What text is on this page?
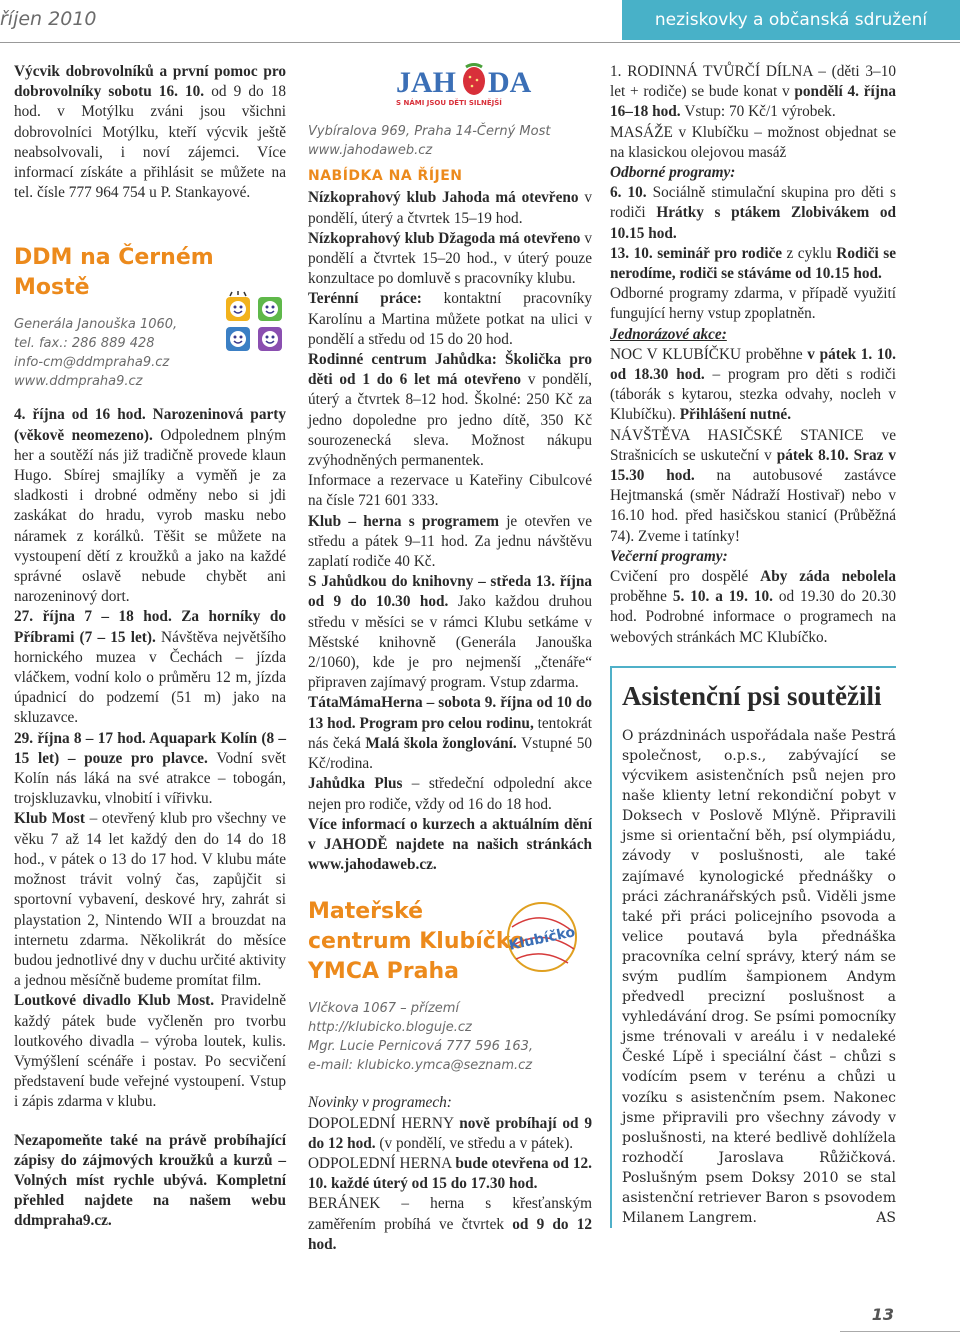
říjen 2010	neziskovky a občanská sdružení

Výcvik dobrovolníků a první pomoc pro dobrovolníky sobotu 16. 10. od 9 do 18 hod. v Motýlku zváni jsou všichni dobrovolníci Motýlku, kteří výcvik ještě neabsolvovali, i noví zájemci. Více informací získáte a přihlásit se můžete na tel. čísle 777 964 754 u P. Stankayové.

DDM na Černém Mostě
Generála Janouška 1060,
tel. fax.: 286 889 428
info-cm@ddmpraha9.cz
www.ddmpraha9.cz

4. října od 16 hod. Narozeninová party (věkově neomezeno). Odpolednem plným her a soutěží nás již tradičně provede klaun Hugo. Sbírej smajlíky a vyměň je za sladkosti i drobné odměny nebo si jdi zaskákat do hradu, vyrob masku nebo náramek z korálků. Těšit se můžete na vystoupení dětí z kroužků a jako na každé správné oslavě nebude chybět ani narozeninový dort.

27. října 7 – 18 hod. Za horníky do Příbrami (7 – 15 let). Návštěva největšího hornického muzea v Čechách – jízda vláčkem, vodní kolo o průměru 12 m, jízda úpadnicí do podzemí (51 m) jako na skluzavce.

29. října 8 – 17 hod. Aquapark Kolín (8 – 15 let) – pouze pro plavce. Vodní svět Kolín nás láká na své atrakce – tobogán, trojskluzavku, vlnobití i vířivku.

Klub Most – otevřený klub pro všechny ve věku 7 až 14 let každý den do 14 do 18 hod., v pátek o 13 do 17 hod. V klubu máte možnost trávit volný čas, zapůjčit si sportovní vybavení, deskové hry, zahrát si playstation 2, Nintendo WII a brouzdat na internetu zdarma. Několikrát do měsíce budou jednotlivé dny v duchu určité aktivity a jednou měsíčně budeme promítat film.

Loutkové divadlo Klub Most. Pravidelně každý pátek bude vyčleněn pro tvorbu loutkového divadla – výroba loutek, kulis. Vymýšlení scénáře i postav. Po secvičení představení bude veřejné vystoupení. Vstup i zápis zdarma v klubu.

Nezapomeňte také na právě probíhající zápisy do zájmových kroužků a kurzů – Volných míst rychle ubývá. Kompletní přehled najdete na našem webu ddmpraha9.cz.

JAH DA
S NÁMI JSOU DĚTI SILNĚJŠÍ
Vybíralova 969, Praha 14-Černý Most
www.jahodaweb.cz
NABÍDKA NA ŘÍJEN

Nízkoprahový klub Jahoda má otevřeno v pondělí, úterý a čtvrtek 15–19 hod.

Nízkoprahový klub Džagoda má otevřeno v pondělí a čtvrtek 15–20 hod., v úterý pouze konzultace po domluvě s pracovníky klubu.

Terénní práce: kontaktní pracovníky Karolínu a Martina můžete potkat na ulici v pondělí a středu od 15 do 20 hod.

Rodinné centrum Jahůdka: Školička pro děti od 1 do 6 let má otevřeno v pondělí, úterý a čtvrtek 8–12 hod. Školné: 250 Kč za jedno dopoledne pro jedno dítě, 350 Kč sourozenecká sleva. Možnost nákupu zvýhodněných permanentek.

Informace a rezervace u Kateřiny Cibulcové na čísle 721 601 333.

Klub – herna s programem je otevřen ve středu a pátek 9–11 hod. Za jednu návštěvu zaplatí rodiče 40 Kč.

S Jahůdkou do knihovny – středa 13. října od 9 do 10.30 hod. Jako každou druhou středu v měsíci se v rámci Klubu setkáme v Městské knihovně (Generála Janouška 2/1060), kde je pro nejmenší „čtenáře“ připraven zajímavý program. Vstup zdarma.

TátaMámaHerna – sobota 9. října od 10 do 13 hod. Program pro celou rodinu, tentokrát nás čeká Malá škola žonglování. Vstupné 50 Kč/rodina.

Jahůdka Plus – středeční odpolední akce nejen pro rodiče, vždy od 16 do 18 hod.

Více informací o kurzech a aktuálním dění v JAHODĚ najdete na našich stránkách www.jahodaweb.cz.

Mateřské centrum Klubíčko YMCA Praha
Klubíčko
Vlčkova 1067 – přízemí
http://klubicko.bloguje.cz
Mgr. Lucie Pernicová 777 596 163,
e-mail: klubicko.ymca@seznam.cz

Novinky v programech:

DOPOLEDNÍ HERNY nově probíhají od 9 do 12 hod. (v pondělí, ve středu a v pátek).

ODPOLEDNÍ HERNA bude otevřena od 12. 10. každé úterý od 15 do 17.30 hod.

BERÁNEK – herna s křesťanským zaměřením probíhá ve čtvrtek od 9 do 12 hod.

1. RODINNÁ TVŮRČÍ DÍLNA – (děti 3–10 let + rodiče) se bude konat v pondělí 4. října 16–18 hod. Vstup: 70 Kč/1 výrobek.

MASÁŽE v Klubíčku – možnost objednat se na klasickou olejovou masáž

Odborné programy:

6. 10. Sociálně stimulační skupina pro děti s rodiči Hrátky s ptákem Zlobivákem od 10.15 hod.

13. 10. seminář pro rodiče z cyklu Rodiči se nerodíme, rodiči se stáváme od 10.15 hod.

Odborné programy zdarma, v případě využití fungující herny vstup zpoplatněn.

Jednorázové akce:

NOC V KLUBÍČKU proběhne v pátek 1. 10. od 18.30 hod. – program pro děti s rodiči (táborák s kytarou, stezka odvahy, nocleh v Klubíčku). Přihlášení nutné.

NÁVŠTĚVA HASIČSKÉ STANICE ve Strašnicích se uskuteční v pátek 8.10. Sraz v 15.30 hod. na autobusové zastávce Hejtmanská (směr Nádraží Hostivař) nebo v 16.10 hod. před hasičskou stanicí (Průběžná 74). Zveme i tatínky!

Večerní programy:

Cvičení pro dospělé Aby záda nebolela proběhne 5. 10. a 19. 10. od 19.30 do 20.30 hod. Podrobné informace o programech na webových stránkách MC Klubíčko.

Asistenční psi soutěžili

O prázdninách uspořádala naše Pestrá společnost, o.p.s., zabývající se výcvikem asistenčních psů nejen pro naše klienty letní rekondiční pobyt v Doksech v Poslově Mlýně. Připravili jsme si orientační běh, psí olympiádu, závody v poslušnosti, ale také zajímavé kynologické přednášky o práci záchranářských psů. Viděli jsme také při práci policejního psovoda a velice poutavá byla přednáška pracovníka celní správy, který nám se svým pudlím šampionem Andym předvedl precizní poslušnost a vyhledávání drog. Se psími pomocníky jsme trénovali v areálu i v nedaleké České Lípě i speciální část – chůzi s vodícím psem v terénu a chůzi u vozíku s asistenčním psem. Nakonec jsme připravili pro všechny závody v poslušnosti, na které bedlivě dohlížela rozhodčí Jaroslava Růžičková. Poslušným psem Doksy 2010 se stal asistenční retriever Baron s psovodem Milanem Langrem.	AS

13
